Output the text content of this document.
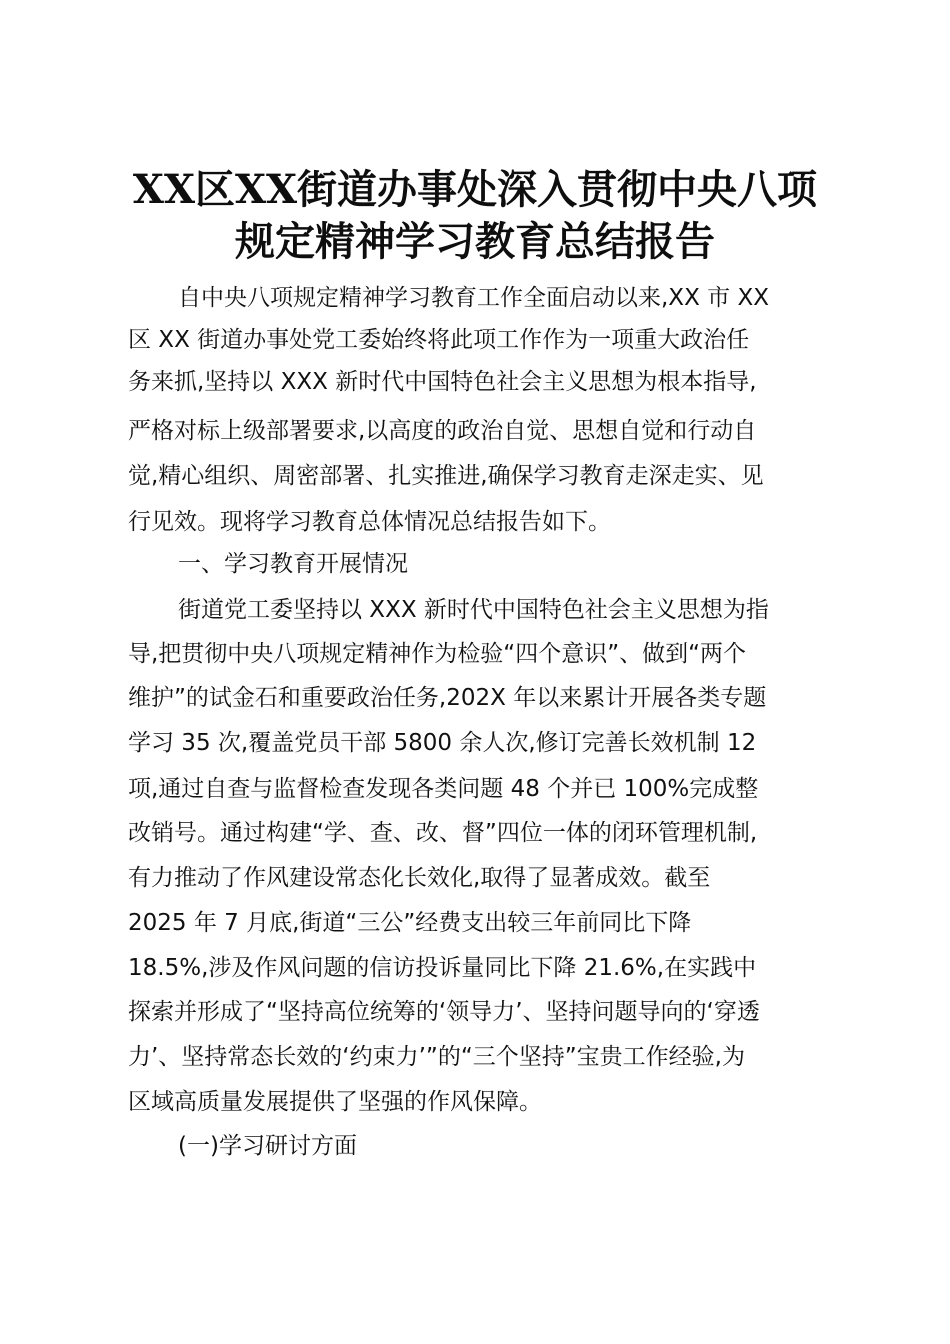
XX区XX街道办事处深入贯彻中央八项
规定精神学习教育总结报告
自中央八项规定精神学习教育工作全面启动以来,XX 市 XX
区 XX 街道办事处党工委始终将此项工作作为一项重大政治任
务来抓,坚持以 XXX 新时代中国特色社会主义思想为根本指导,
严格对标上级部署要求,以高度的政治自觉、思想自觉和行动自
觉,精心组织、周密部署、扎实推进,确保学习教育走深走实、见
行见效。现将学习教育总体情况总结报告如下。
一、学习教育开展情况
街道党工委坚持以 XXX 新时代中国特色社会主义思想为指
导,把贯彻中央八项规定精神作为检验“四个意识”、做到“两个
维护”的试金石和重要政治任务,202X 年以来累计开展各类专题
学习 35 次,覆盖党员干部 5800 余人次,修订完善长效机制 12
项,通过自查与监督检查发现各类问题 48 个并已 100%完成整
改销号。通过构建“学、查、改、督”四位一体的闭环管理机制,
有力推动了作风建设常态化长效化,取得了显著成效。截至
2025 年 7 月底,街道“三公”经费支出较三年前同比下降
18.5%,涉及作风问题的信访投诉量同比下降 21.6%,在实践中
探索并形成了“坚持高位统筹的‘领导力’、坚持问题导向的‘穿透
力’、坚持常态长效的‘约束力’”的“三个坚持”宝贵工作经验,为
区域高质量发展提供了坚强的作风保障。
(一)学习研讨方面
